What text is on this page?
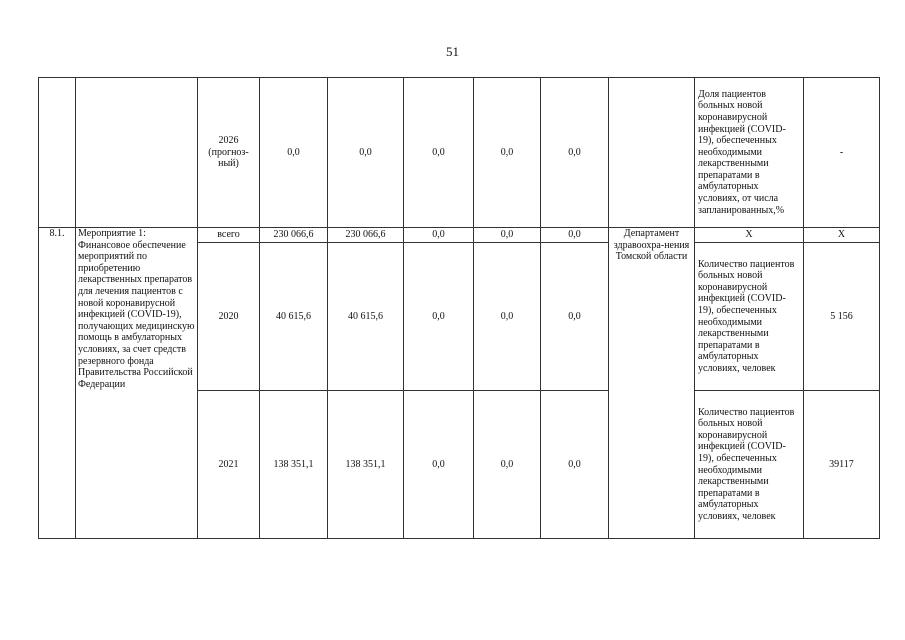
51
		2026 (прогноз-ный)	0,0	0,0	0,0	0,0	0,0		Доля пациентов больных новой коронавирусной инфекцией (COVID-19), обеспеченных необходимыми лекарственными препаратами в амбулаторных условиях, от числа запланированных,%	-
8.1.	Мероприятие 1: Финансовое обеспечение мероприятий по приобретению лекарственных препаратов для лечения пациентов с новой коронавирусной инфекцией (COVID-19), получающих медицинскую помощь в амбулаторных условиях, за счет средств резервного фонда Правительства Российской Федерации	всего	230 066,6	230 066,6	0,0	0,0	0,0	Департамент здравоохра-нения Томской области	X	X
		2020	40 615,6	40 615,6	0,0	0,0	0,0		Количество пациентов больных новой коронавирусной инфекцией (COVID-19), обеспеченных необходимыми лекарственными препаратами в амбулаторных условиях, человек	5 156
		2021	138 351,1	138 351,1	0,0	0,0	0,0		Количество пациентов больных новой коронавирусной инфекцией (COVID-19), обеспеченных необходимыми лекарственными препаратами в амбулаторных условиях, человек	39117
